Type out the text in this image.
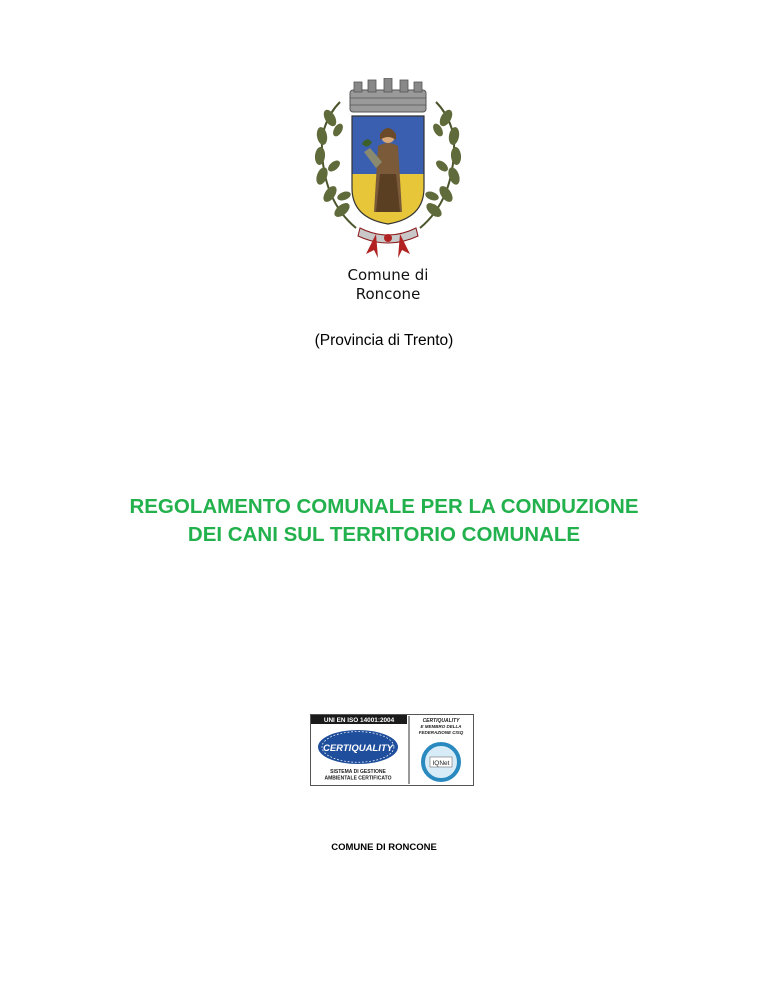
Comune di
Roncone
(Provincia di Trento)
REGOLAMENTO COMUNALE PER LA CONDUZIONE
DEI CANI SUL TERRITORIO COMUNALE
UNI EN ISO 14001:2004
CERTIQUALITY
SISTEMA DI GESTIONE
AMBIENTALE CERTIFICATO
CERTIQUALITY
E MEMBRO DELLA
FEDERAZIONE CISQ
IQNet
COMUNE DI RONCONE
